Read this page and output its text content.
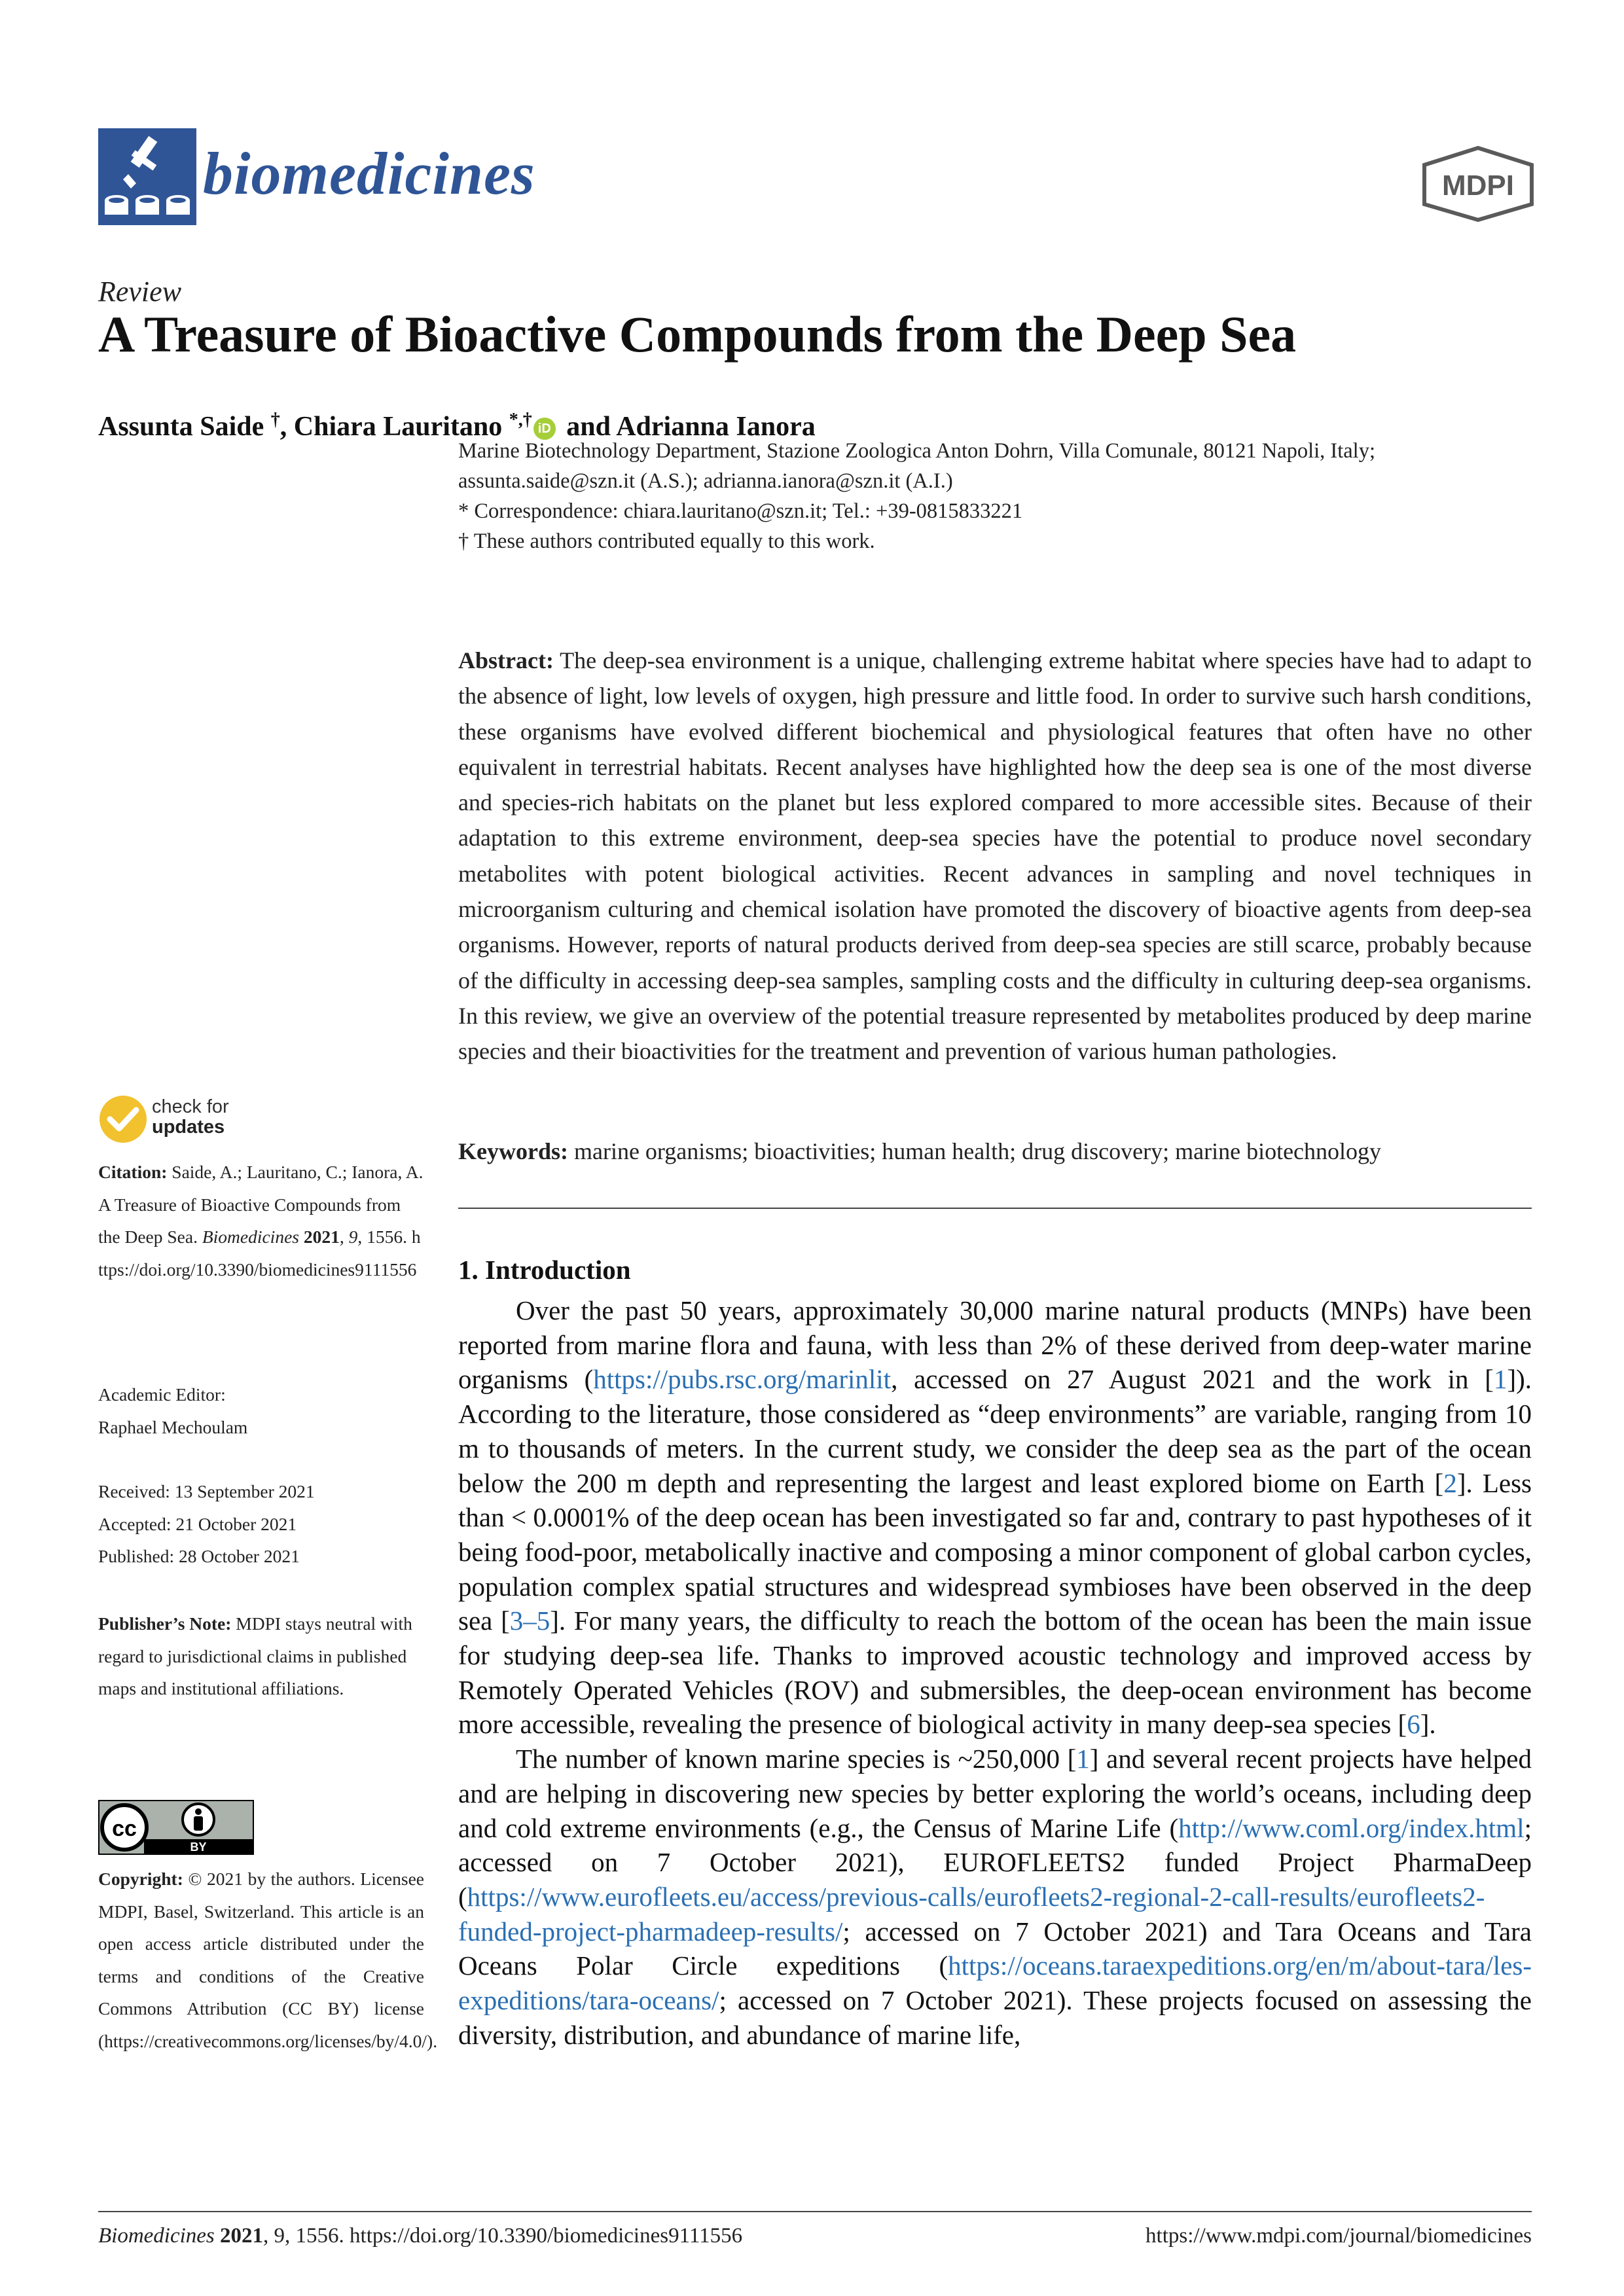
biomedicines	MDPI
Review
A Treasure of Bioactive Compounds from the Deep Sea
Assunta Saide †, Chiara Lauritano *,† iD and Adrianna Ianora
Marine Biotechnology Department, Stazione Zoologica Anton Dohrn, Villa Comunale, 80121 Napoli, Italy;
assunta.saide@szn.it (A.S.); adrianna.ianora@szn.it (A.I.)
* Correspondence: chiara.lauritano@szn.it; Tel.: +39-0815833221
† These authors contributed equally to this work.
Abstract: The deep-sea environment is a unique, challenging extreme habitat where species have had to adapt to the absence of light, low levels of oxygen, high pressure and little food. In order to survive such harsh conditions, these organisms have evolved different biochemical and physiological features that often have no other equivalent in terrestrial habitats. Recent analyses have highlighted how the deep sea is one of the most diverse and species-rich habitats on the planet but less explored compared to more accessible sites. Because of their adaptation to this extreme environment, deep-sea species have the potential to produce novel secondary metabolites with potent biological activities. Recent advances in sampling and novel techniques in microorganism culturing and chemical isolation have promoted the discovery of bioactive agents from deep-sea organisms. However, reports of natural products derived from deep-sea species are still scarce, probably because of the difficulty in accessing deep-sea samples, sampling costs and the difficulty in culturing deep-sea organisms. In this review, we give an overview of the potential treasure represented by metabolites produced by deep marine species and their bioactivities for the treatment and prevention of various human pathologies.
Keywords: marine organisms; bioactivities; human health; drug discovery; marine biotechnology
1. Introduction

Over the past 50 years, approximately 30,000 marine natural products (MNPs) have been reported from marine flora and fauna, with less than 2% of these derived from deep-water marine organisms (https://pubs.rsc.org/marinlit, accessed on 27 August 2021 and the work in [1]). According to the literature, those considered as “deep environments” are variable, ranging from 10 m to thousands of meters. In the current study, we consider the deep sea as the part of the ocean below the 200 m depth and representing the largest and least explored biome on Earth [2]. Less than < 0.0001% of the deep ocean has been investigated so far and, contrary to past hypotheses of it being food-poor, metabolically inactive and composing a minor component of global carbon cycles, population complex spatial structures and widespread symbioses have been observed in the deep sea [3–5]. For many years, the difficulty to reach the bottom of the ocean has been the main issue for studying deep-sea life. Thanks to improved acoustic technology and improved access by Remotely Operated Vehicles (ROV) and submersibles, the deep-ocean environment has become more accessible, revealing the presence of biological activity in many deep-sea species [6].

The number of known marine species is ~250,000 [1] and several recent projects have helped and are helping in discovering new species by better exploring the world’s oceans, including deep and cold extreme environments (e.g., the Census of Marine Life (http://www.coml.org/index.html; accessed on 7 October 2021), EUROFLEETS2 funded Project PharmaDeep (https://www.eurofleets.eu/access/previous-calls/eurofleets2-regional-2-call-results/eurofleets2-funded-project-pharmadeep-results/; accessed on 7 October 2021) and Tara Oceans and Tara Oceans Polar Circle expeditions (https://oceans.taraexpeditions.org/en/m/about-tara/les-expeditions/tara-oceans/; accessed on 7 October 2021). These projects focused on assessing the diversity, distribution, and abundance of marine life,

check for
updates

Citation: Saide, A.; Lauritano, C.; Ianora, A. A Treasure of Bioactive Compounds from the Deep Sea. Biomedicines 2021, 9, 1556. https://doi.org/10.3390/biomedicines9111556

Academic Editor:

Raphael Mechoulam

Received: 13 September 2021

Accepted: 21 October 2021

Published: 28 October 2021

Publisher’s Note: MDPI stays neutral with regard to jurisdictional claims in published maps and institutional affiliations.

cc
BY

Copyright: © 2021 by the authors. Licensee MDPI, Basel, Switzerland. This article is an open access article distributed under the terms and conditions of the Creative Commons Attribution (CC BY) license (https://creativecommons.org/licenses/by/4.0/).

Biomedicines 2021, 9, 1556. https://doi.org/10.3390/biomedicines9111556	https://www.mdpi.com/journal/biomedicines
